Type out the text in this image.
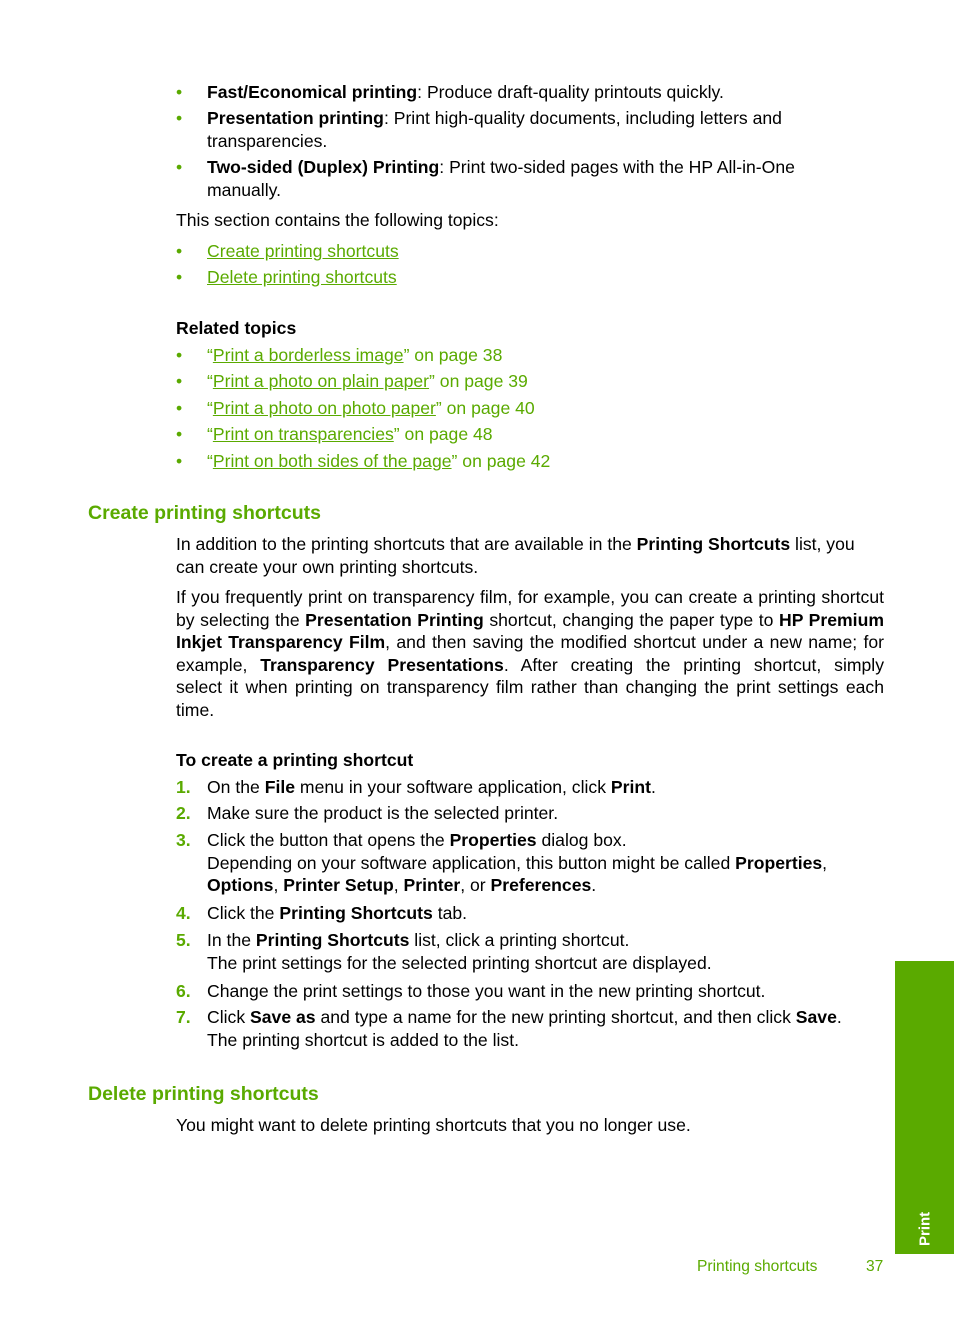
• Fast/Economical printing: Produce draft-quality printouts quickly.
• Presentation printing: Print high-quality documents, including letters and
transparencies.
• Two-sided (Duplex) Printing: Print two-sided pages with the HP All-in-One
manually.
This section contains the following topics:
• Create printing shortcuts
• Delete printing shortcuts
Related topics
• “Print a borderless image” on page 38
• “Print a photo on plain paper” on page 39
• “Print a photo on photo paper” on page 40
• “Print on transparencies” on page 48
• “Print on both sides of the page” on page 42
Create printing shortcuts
In addition to the printing shortcuts that are available in the Printing Shortcuts list, you
can create your own printing shortcuts.
If you frequently print on transparency film, for example, you can create a printing shortcut
by selecting the Presentation Printing shortcut, changing the paper type to HP Premium
Inkjet Transparency Film, and then saving the modified shortcut under a new name; for
example, Transparency Presentations. After creating the printing shortcut, simply
select it when printing on transparency film rather than changing the print settings each
time.
To create a printing shortcut
1. On the File menu in your software application, click Print.
2. Make sure the product is the selected printer.
3. Click the button that opens the Properties dialog box.
Depending on your software application, this button might be called Properties,
Options, Printer Setup, Printer, or Preferences.
4. Click the Printing Shortcuts tab.
5. In the Printing Shortcuts list, click a printing shortcut.
The print settings for the selected printing shortcut are displayed.
6. Change the print settings to those you want in the new printing shortcut.
7. Click Save as and type a name for the new printing shortcut, and then click Save.
The printing shortcut is added to the list.
Delete printing shortcuts
You might want to delete printing shortcuts that you no longer use.
Print
Printing shortcuts	37
